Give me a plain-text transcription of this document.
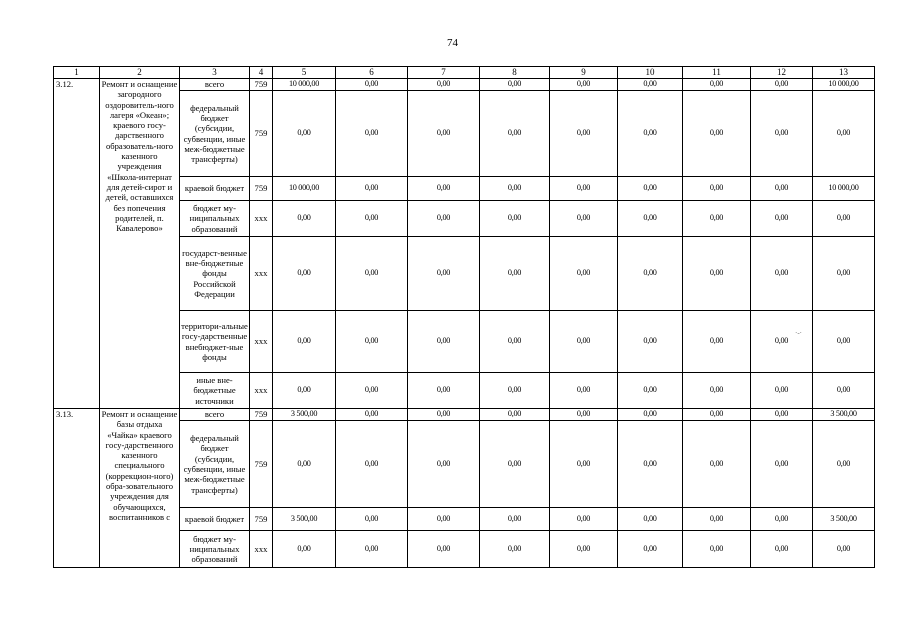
74
1	2	3	4	5	6	7	8	9	10	11	12	13
3.12.	Ремонт и оснащение загородного оздоровитель-ного лагеря «Океан»; краевого госу-дарственного образователь-ного казенного учреждения «Школа-интернат для детей-сирот и детей, оставшихся без попечения родителей, п. Кавалерово»	всего	759	10 000,00	0,00	0,00	0,00	0,00	0,00	0,00	0,00	10 000,00
		федеральный бюджет (субсидии, субвенции, иные меж-бюджетные трансферты)	759	0,00	0,00	0,00	0,00	0,00	0,00	0,00	0,00	0,00
		краевой бюджет	759	10 000,00	0,00	0,00	0,00	0,00	0,00	0,00	0,00	10 000,00
		бюджет му-ниципальных образований	ххх	0,00	0,00	0,00	0,00	0,00	0,00	0,00	0,00	0,00
		государст-венные вне-бюджетные фонды Российской Федерации	ххх	0,00	0,00	0,00	0,00	0,00	0,00	0,00	0,00	0,00
		территори-альные госу-дарственные внебюджет-ные фонды	ххх	0,00	0,00	0,00	0,00	0,00	0,00	0,00	0,00	0,00
		иные вне-бюджетные источники	ххх	0,00	0,00	0,00	0,00	0,00	0,00	0,00	0,00	0,00
3.13.	Ремонт и оснащение базы отдыха «Чайка» краевого госу-дарственного казенного специального (коррекцион-ного) обра-зовательного учреждения для обучающихся, воспитанников с	всего	759	3 500,00	0,00	0,00	0,00	0,00	0,00	0,00	0,00	3 500,00
		федеральный бюджет (субсидии, субвенции, иные меж-бюджетные трансферты)	759	0,00	0,00	0,00	0,00	0,00	0,00	0,00	0,00	0,00
		краевой бюджет	759	3 500,00	0,00	0,00	0,00	0,00	0,00	0,00	0,00	3 500,00
		бюджет му-ниципальных образований	ххх	0,00	0,00	0,00	0,00	0,00	0,00	0,00	0,00	0,00
·-·
